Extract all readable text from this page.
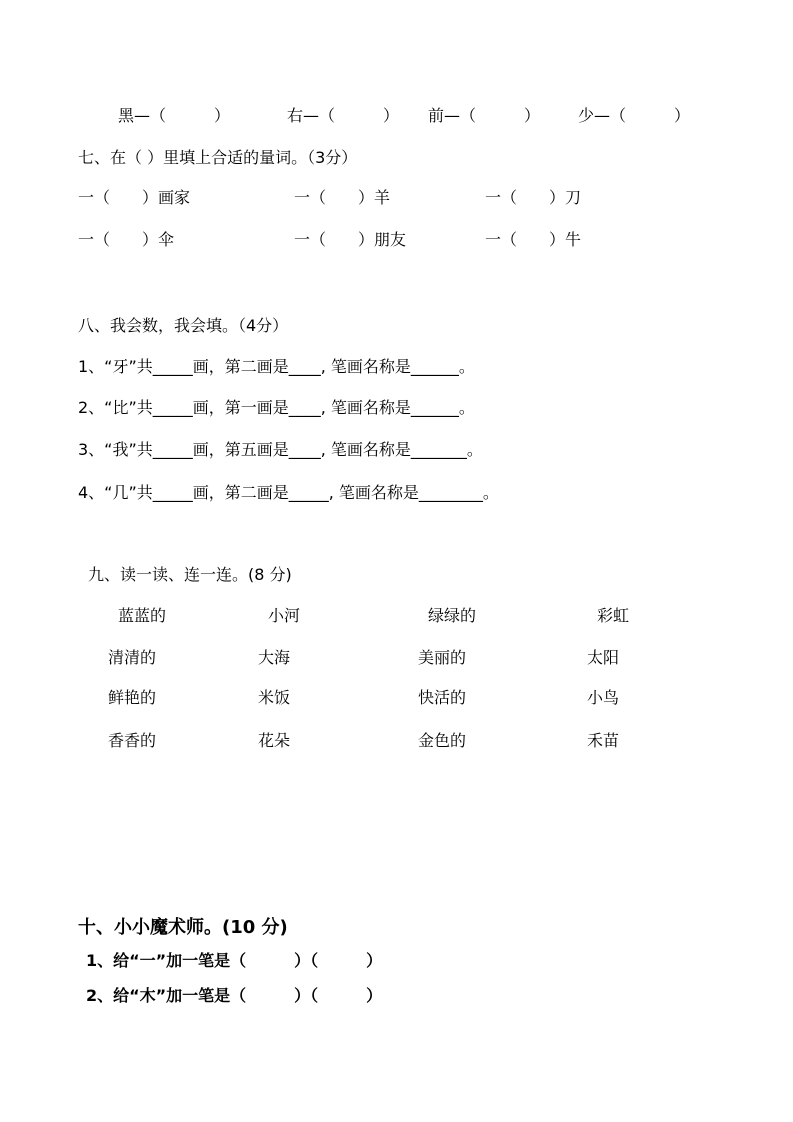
黑—（　　　）	右—（　　　） 前—（　　　） 少—（　　　）
七、在（ ）里填上合适的量词。（3分）
一（　　）画家	一（　　）羊	一（　　）刀
一（　　）伞	一（　　）朋友	一（　　）牛
八、我会数，我会填。（4分）
1、“牙”共_____画，第二画是____, 笔画名称是______。
2、“比”共_____画，第一画是____, 笔画名称是______。
3、“我”共_____画，第五画是____, 笔画名称是_______。
4、“几”共_____画，第二画是_____, 笔画名称是________。
九、读一读、连一连。(8 分)
蓝蓝的	小河	绿绿的	彩虹
清清的	大海	美丽的	太阳
鲜艳的	米饭	快活的	小鸟
香香的	花朵	金色的	禾苗
十、小小魔术师。(10 分)
1、给“一”加一笔是（　　　）（　　　）
2、给“木”加一笔是（　　　）（　　　）
